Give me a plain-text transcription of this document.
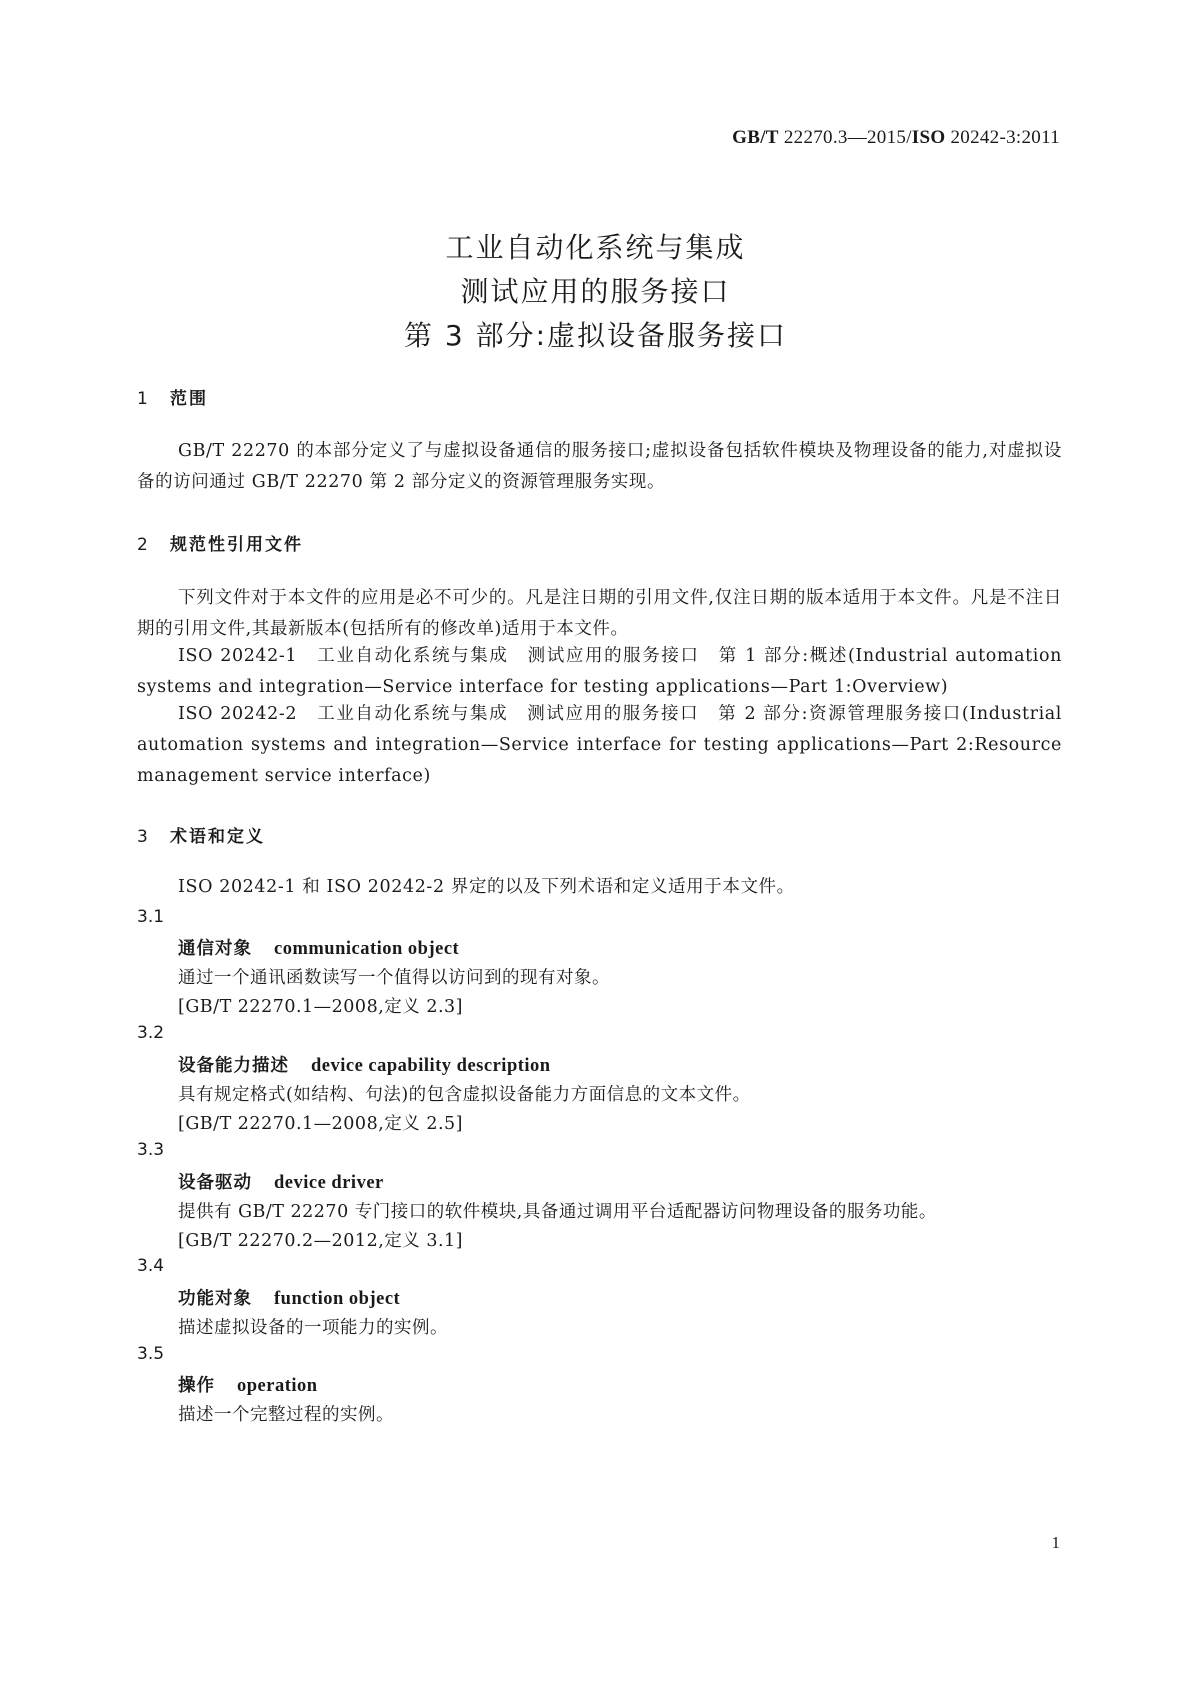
GB/T 22270.3—2015/ISO 20242-3:2011
工业自动化系统与集成
测试应用的服务接口
第 3 部分:虚拟设备服务接口
1 范围
GB/T 22270 的本部分定义了与虚拟设备通信的服务接口;虚拟设备包括软件模块及物理设备的能力,对虚拟设备的访问通过 GB/T 22270 第 2 部分定义的资源管理服务实现。
2 规范性引用文件
下列文件对于本文件的应用是必不可少的。凡是注日期的引用文件,仅注日期的版本适用于本文件。凡是不注日期的引用文件,其最新版本(包括所有的修改单)适用于本文件。
ISO 20242-1　工业自动化系统与集成　测试应用的服务接口　第 1 部分:概述(Industrial automation systems and integration—Service interface for testing applications—Part 1:Overview)
ISO 20242-2　工业自动化系统与集成　测试应用的服务接口　第 2 部分:资源管理服务接口(Industrial automation systems and integration—Service interface for testing applications—Part 2:Resource management service interface)
3 术语和定义
ISO 20242-1 和 ISO 20242-2 界定的以及下列术语和定义适用于本文件。
3.1
通信对象 communication object
通过一个通讯函数读写一个值得以访问到的现有对象。
[GB/T 22270.1—2008,定义 2.3]
3.2
设备能力描述 device capability description
具有规定格式(如结构、句法)的包含虚拟设备能力方面信息的文本文件。
[GB/T 22270.1—2008,定义 2.5]
3.3
设备驱动 device driver
提供有 GB/T 22270 专门接口的软件模块,具备通过调用平台适配器访问物理设备的服务功能。
[GB/T 22270.2—2012,定义 3.1]
3.4
功能对象 function object
描述虚拟设备的一项能力的实例。
3.5
操作 operation
描述一个完整过程的实例。
1
